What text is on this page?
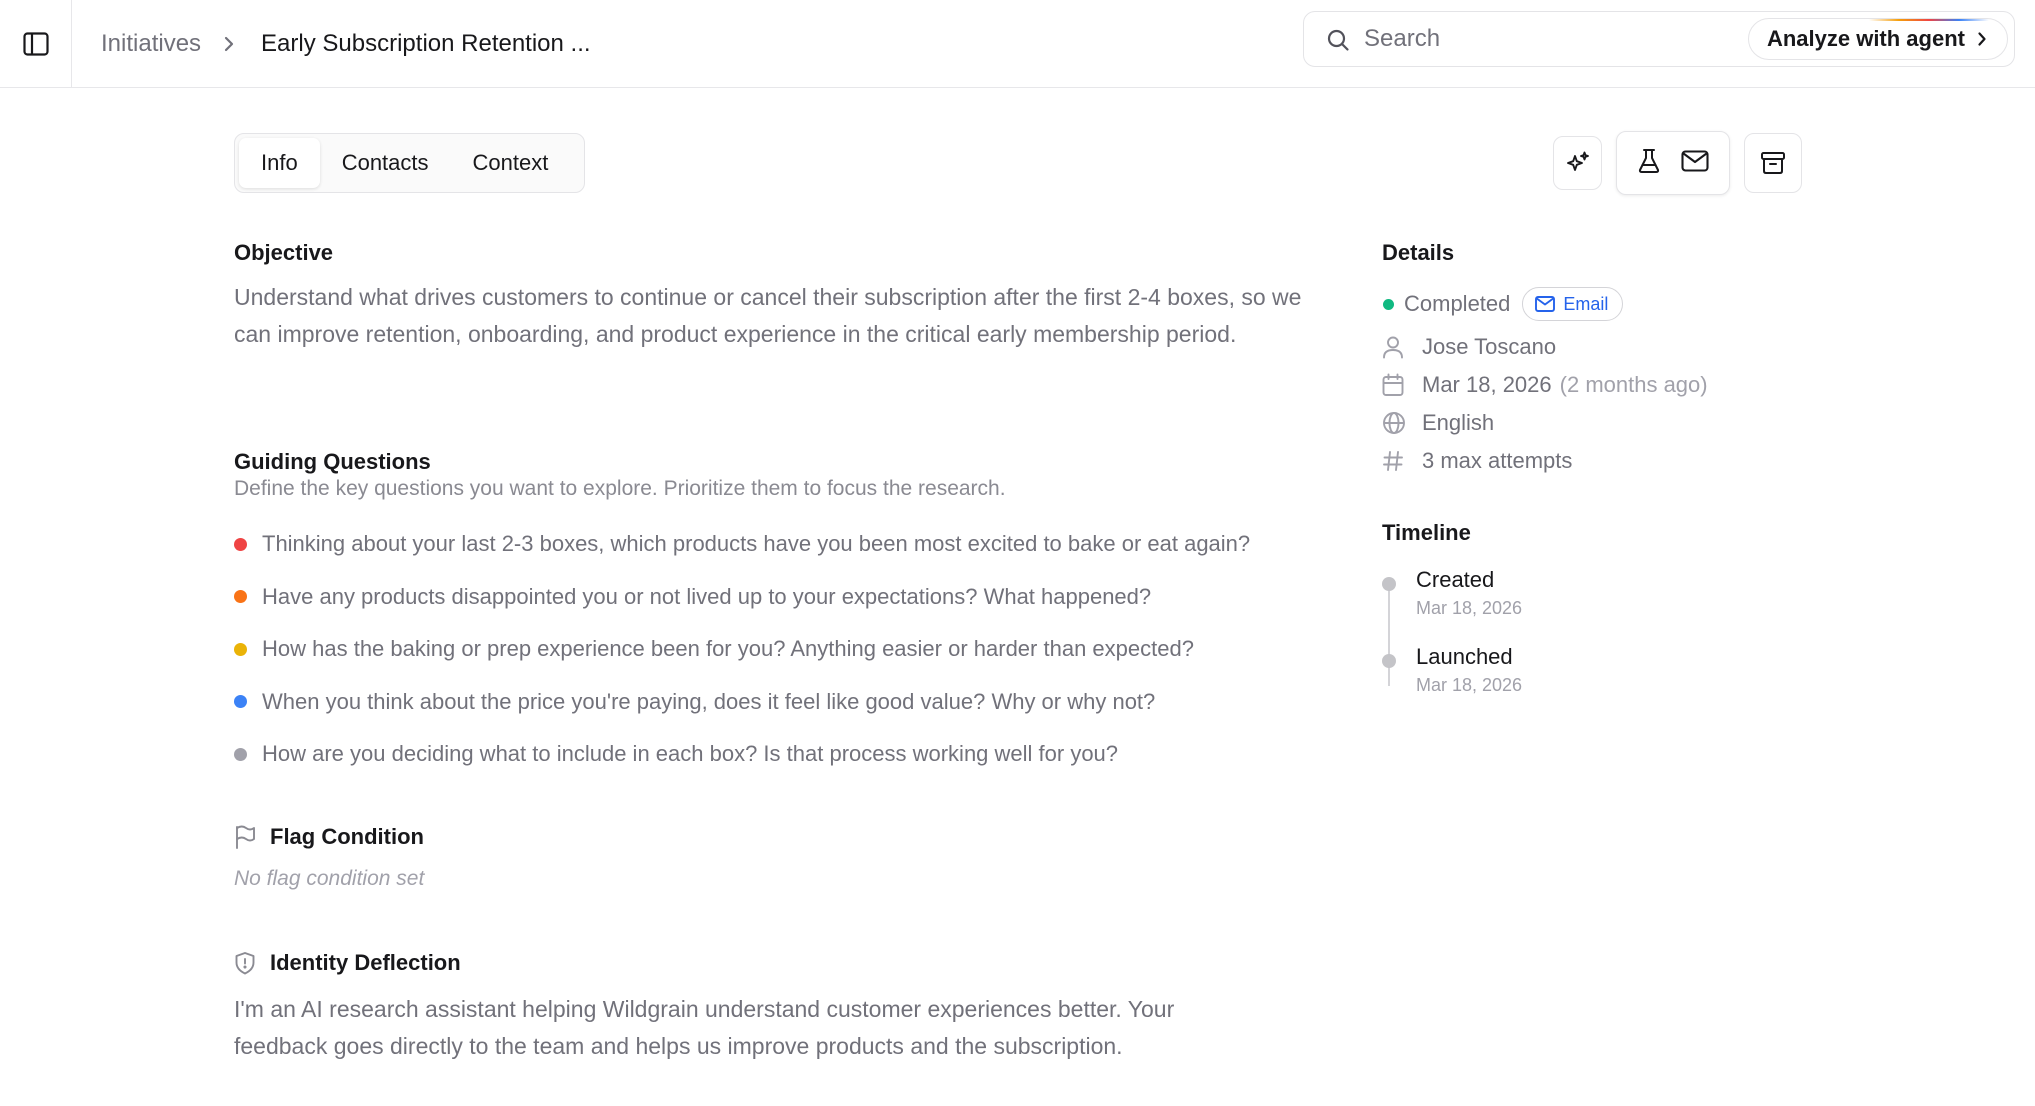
Initiatives	Early Subscription Retention ...
Search	Analyze with agent
Info	Contacts	Context
Objective
Understand what drives customers to continue or cancel their subscription after the first 2-4 boxes, so we can improve retention, onboarding, and product experience in the critical early membership period.
Guiding Questions
Define the key questions you want to explore. Prioritize them to focus the research.
Thinking about your last 2-3 boxes, which products have you been most excited to bake or eat again?
Have any products disappointed you or not lived up to your expectations? What happened?
How has the baking or prep experience been for you? Anything easier or harder than expected?
When you think about the price you're paying, does it feel like good value? Why or why not?
How are you deciding what to include in each box? Is that process working well for you?
Flag Condition
No flag condition set
Identity Deflection
I'm an AI research assistant helping Wildgrain understand customer experiences better. Your feedback goes directly to the team and helps us improve products and the subscription.
Details
Completed	Email
Jose Toscano
Mar 18, 2026 (2 months ago)
English
3 max attempts
Timeline
Created
Mar 18, 2026
Launched
Mar 18, 2026
